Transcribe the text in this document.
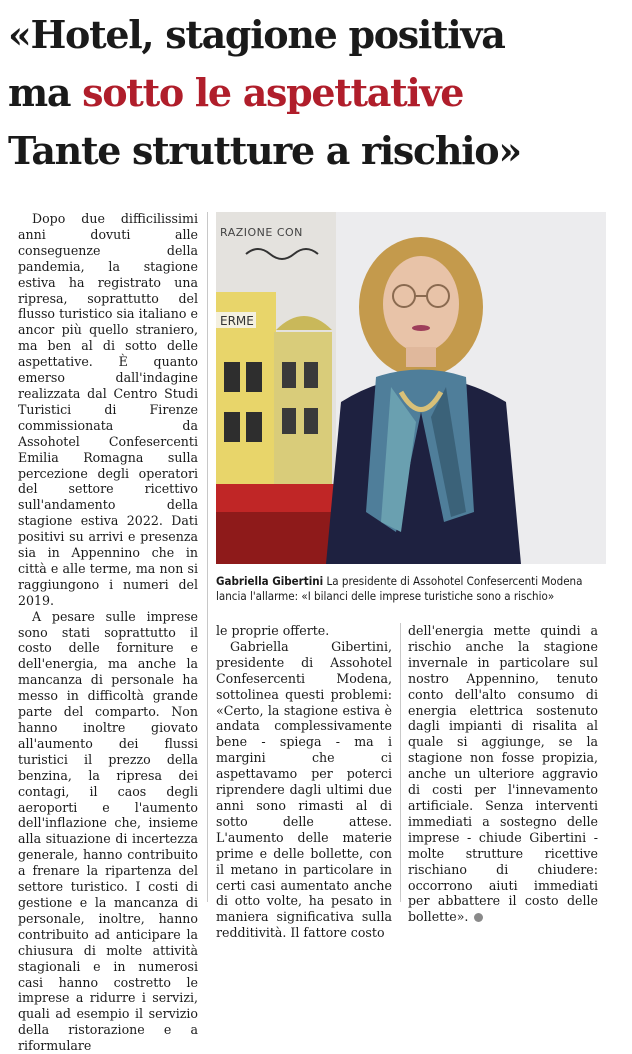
«Hotel, stagione positiva
ma sotto le aspettative
Tante strutture a rischio»

Dopo due difficilissimi anni dovuti alle conseguenze della pandemia, la stagione estiva ha registrato una ripresa, soprattutto del flusso turistico sia italiano e ancor più quello straniero, ma ben al di sotto delle aspettative. È quanto emerso dall'indagine realizzata dal Centro Studi Turistici di Firenze commissionata da Assohotel Confesercenti Emilia Romagna sulla percezione degli operatori del settore ricettivo sull'andamento della stagione estiva 2022. Dati positivi su arrivi e presenza sia in Appennino che in città e alle terme, ma non si raggiungono i numeri del 2019.

A pesare sulle imprese sono stati soprattutto il costo delle forniture e dell'energia, ma anche la mancanza di personale ha messo in difficoltà grande parte del comparto. Non hanno inoltre giovato all'aumento dei flussi turistici il prezzo della benzina, la ripresa dei contagi, il caos degli aeroporti e l'aumento dell'inflazione che, insieme alla situazione di incertezza generale, hanno contribuito a frenare la ripartenza del settore turistico. I costi di gestione e la mancanza di personale, inoltre, hanno contribuito ad anticipare la chiusura di molte attività stagionali e in numerosi casi hanno costretto le imprese a ridurre i servizi, quali ad esempio il servizio della ristorazione e a riformulare

ERME
RAZIONE CON
Gabriella Gibertini La presidente di Assohotel Confesercenti Modena lancia l'allarme: «I bilanci delle imprese turistiche sono a rischio»

le proprie offerte.

Gabriella Gibertini, presidente di Assohotel Confesercenti Modena, sottolinea questi problemi: «Certo, la stagione estiva è andata complessivamente bene - spiega - ma i margini che ci aspettavamo per poterci riprendere dagli ultimi due anni sono rimasti al di sotto delle attese. L'aumento delle materie prime e delle bollette, con il metano in particolare in certi casi aumentato anche di otto volte, ha pesato in maniera significativa sulla redditività. Il fattore costo

dell'energia mette quindi a rischio anche la stagione invernale in particolare sul nostro Appennino, tenuto conto dell'alto consumo di energia elettrica sostenuto dagli impianti di risalita al quale si aggiunge, se la stagione non fosse propizia, anche un ulteriore aggravio di costi per l'innevamento artificiale. Senza interventi immediati a sostegno delle imprese - chiude Gibertini - molte strutture ricettive rischiano di chiudere: occorrono aiuti immediati per abbattere il costo delle bollette».
